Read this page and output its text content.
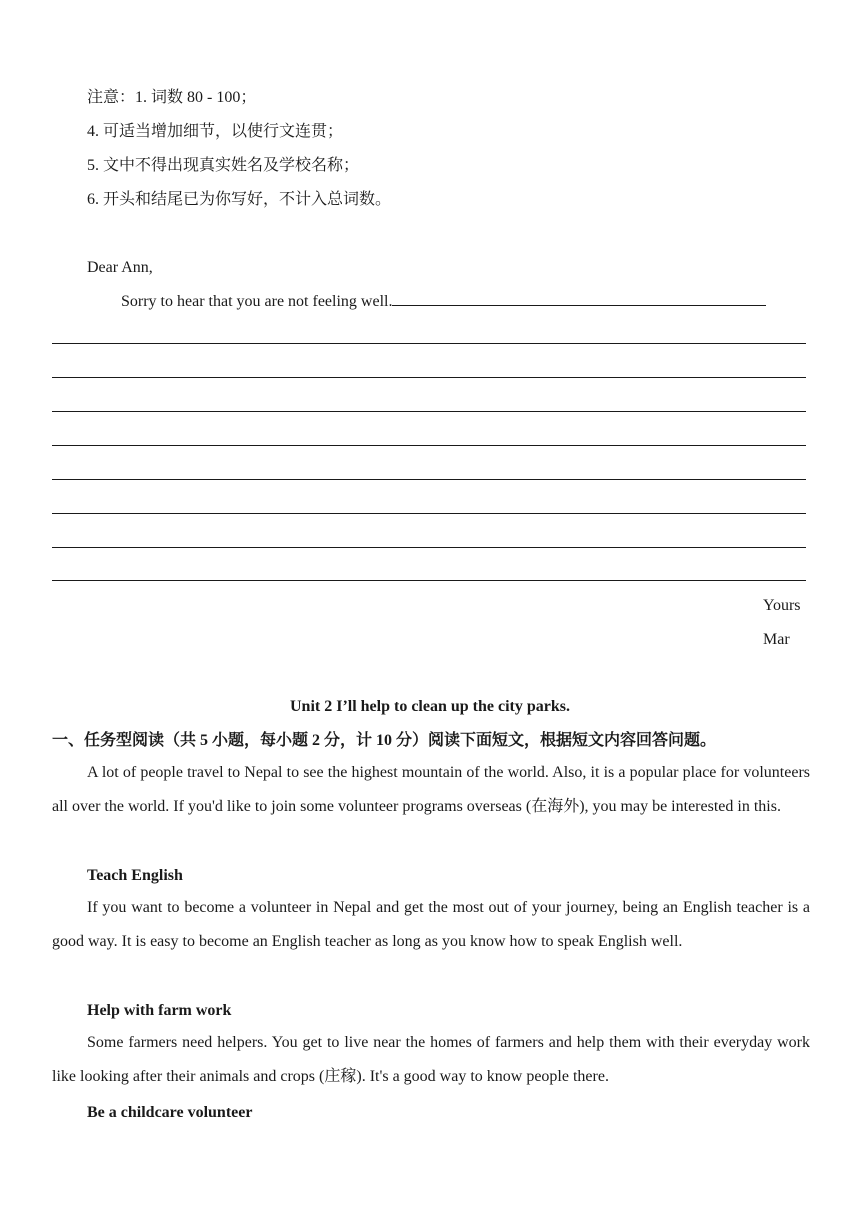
注意：1. 词数 80 - 100；
4. 可适当增加细节，以使行文连贯；
5. 文中不得出现真实姓名及学校名称；
6. 开头和结尾已为你写好，不计入总词数。
Dear Ann,
Sorry to hear that you are not feeling well.
Yours
Mar
Unit 2 I’ll help to clean up the city parks.
一、任务型阅读（共 5 小题，每小题 2 分，计 10 分）阅读下面短文，根据短文内容回答问题。
A lot of people travel to Nepal to see the highest mountain of the world. Also, it is a popular place for volunteers all over the world. If you'd like to join some volunteer programs overseas (在海外), you may be interested in this.
Teach English
If you want to become a volunteer in Nepal and get the most out of your journey, being an English teacher is a good way. It is easy to become an English teacher as long as you know how to speak English well.
Help with farm work
Some farmers need helpers. You get to live near the homes of farmers and help them with their everyday work like looking after their animals and crops (庄稼). It's a good way to know people there.
Be a childcare volunteer
